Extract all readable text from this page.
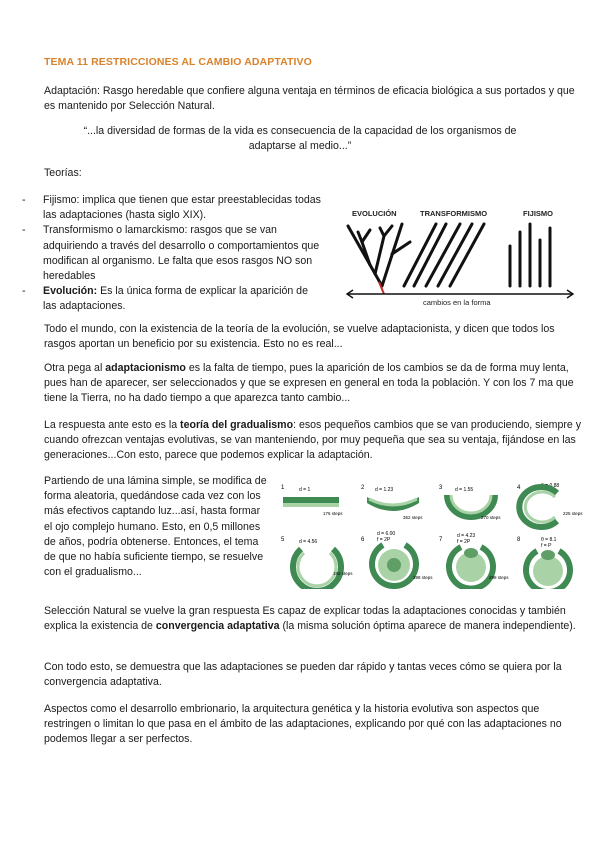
TEMA 11 RESTRICCIONES AL CAMBIO ADAPTATIVO

Adaptación: Rasgo heredable que confiere alguna ventaja en términos de eficacia biológica a sus portados y que es mantenido por Selección Natural.

“...la diversidad de formas de la vida es consecuencia de la capacidad de los organismos de
adaptarse al medio...”

Teorías:

- Fijismo: implica que tienen que estar preestablecidas todas las adaptaciones (hasta siglo XIX).
- Transformismo o lamarckismo: rasgos que se van adquiriendo a través del desarrollo o comportamientos que modifican al organismo. Le falta que esos rasgos NO son heredables
- Evolución: Es la única forma de explicar la aparición de las adaptaciones.
EVOLUCIÓN	TRANSFORMISMO	FIJISMO
cambios en la forma

Todo el mundo, con la existencia de la teoría de la evolución, se vuelve adaptacionista, y dicen que todos los rasgos aportan un beneficio por su existencia. Esto no es real...

Otra pega al adaptacionismo es la falta de tiempo, pues la aparición de los cambios se da de forma muy lenta, pues han de aparecer, ser seleccionados y que se expresen en general en toda la población. Y con los 7 ma que tiene la Tierra, no ha dado tiempo a que aparezca tanto cambio...

La respuesta ante esto es la teoría del gradualismo: esos pequeños cambios que se van produciendo, siempre y cuando ofrezcan ventajas evolutivas, se van manteniendo, por muy pequeña que sea su ventaja, fijándose en las generaciones...Con esto, parece que podemos explicar la adaptación.

Partiendo de una lámina simple, se modifica de forma aleatoria, quedándose cada vez con los más efectivos captando luz...así, hasta formar el ojo complejo humano. Esto, en 0,5 millones de años, podría obtenerse. Entonces, el tema de que no había suficiente tiempo, se resuelve con el gradualismo...

1	d = 1
176 steps
2 d = 1.23
362 steps
3	d = 1.55
270 steps
4	θ = 0.88
225 steps
5	d = 4.56
192 steps
6
d = 6.00 f = 2P
398 steps
7
d = 4.23 f = 2P
298 steps
8	θ = 8.1 f = P

Selección Natural se vuelve la gran respuesta Es capaz de explicar todas la adaptaciones conocidas y también explica la existencia de convergencia adaptativa (la misma solución óptima aparece de manera independiente).

Con todo esto, se demuestra que las adaptaciones se pueden dar rápido y tantas veces cómo se quiera por la convergencia adaptativa.

Aspectos como el desarrollo embrionario, la arquitectura genética y la historia evolutiva son aspectos que restringen o limitan lo que pasa en el ámbito de las adaptaciones, explicando por qué con las adaptaciones no podemos llegar a ser perfectos.
